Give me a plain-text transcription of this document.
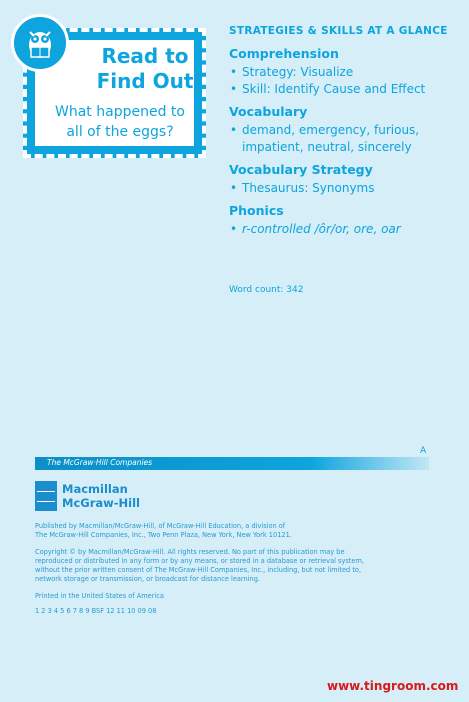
Read to
Find Out
What happened to
all of the eggs?
STRATEGIES & SKILLS AT A GLANCE
Comprehension
• Strategy: Visualize
• Skill: Identify Cause and Effect
Vocabulary
• demand, emergency, furious,
impatient, neutral, sincerely
Vocabulary Strategy
• Thesaurus: Synonyms
Phonics
• r-controlled /ôr/or, ore, oar
Word count: 342
A
The McGraw·Hill Companies
Macmillan
McGraw-Hill
Published by Macmillan/McGraw-Hill, of McGraw-Hill Education, a division of
The McGraw-Hill Companies, Inc., Two Penn Plaza, New York, New York 10121.
Copyright © by Macmillan/McGraw-Hill. All rights reserved. No part of this publication may be
reproduced or distributed in any form or by any means, or stored in a database or retrieval system,
without the prior written consent of The McGraw-Hill Companies, Inc., including, but not limited to,
network storage or transmission, or broadcast for distance learning.
Printed in the United States of America
1 2 3 4 5 6 7 8 9 BSF 12 11 10 09 08
www.tingroom.com
